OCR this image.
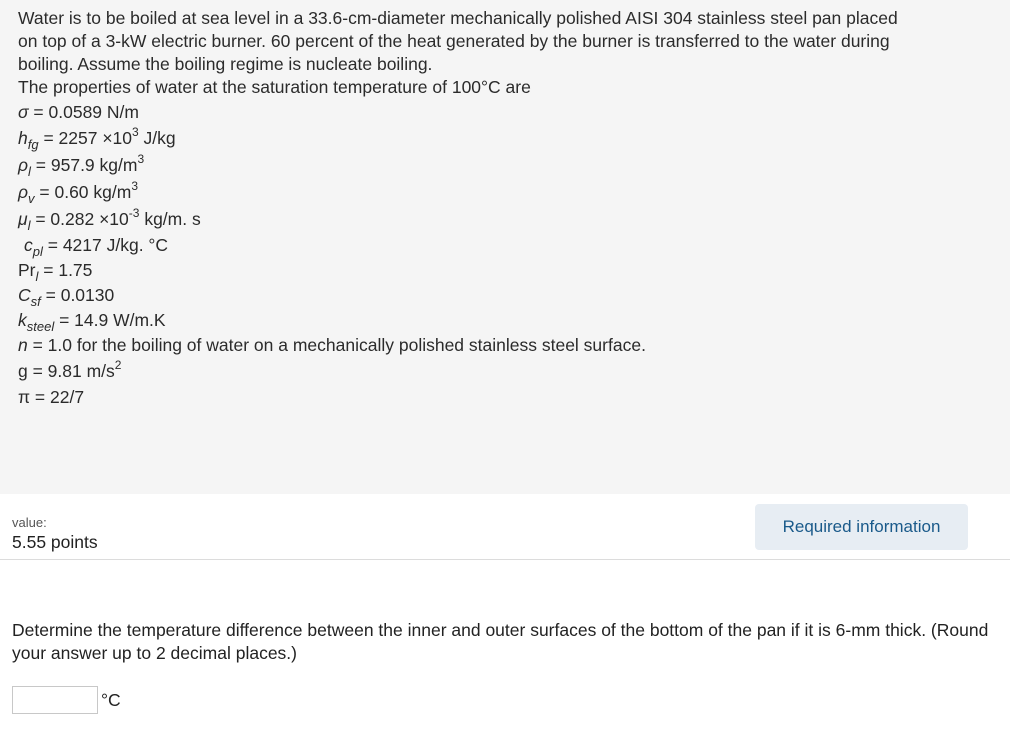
Water is to be boiled at sea level in a 33.6-cm-diameter mechanically polished AISI 304 stainless steel pan placed

on top of a 3-kW electric burner. 60 percent of the heat generated by the burner is transferred to the water during

boiling. Assume the boiling regime is nucleate boiling.

The properties of water at the saturation temperature of 100°C are

σ = 0.0589 N/m
$h_{fg} = 2257 \times 10^3$ J/kg
$\rho_l = 957.9$ $kg/m^3$
$\rho_v = 0.60$ $kg/m^3$
$\mu_l = 0.282 \times 10^{-3}$ kg/m. s
$c_{pl} = 4217$ J/kg. °C
$Pr_l = 1.75$
$C_{sf} = 0.0130$
$k_{steel} = 14.9$ W/m.K
n = 1.0 for the boiling of water on a mechanically polished stainless steel surface.
g = 9.81 $m/s^2$
π = 22/7
value:
5.55 points
Required information

Determine the temperature difference between the inner and outer surfaces of the bottom of the pan if it is 6-mm thick. (Round your answer up to 2 decimal places.)

°C
